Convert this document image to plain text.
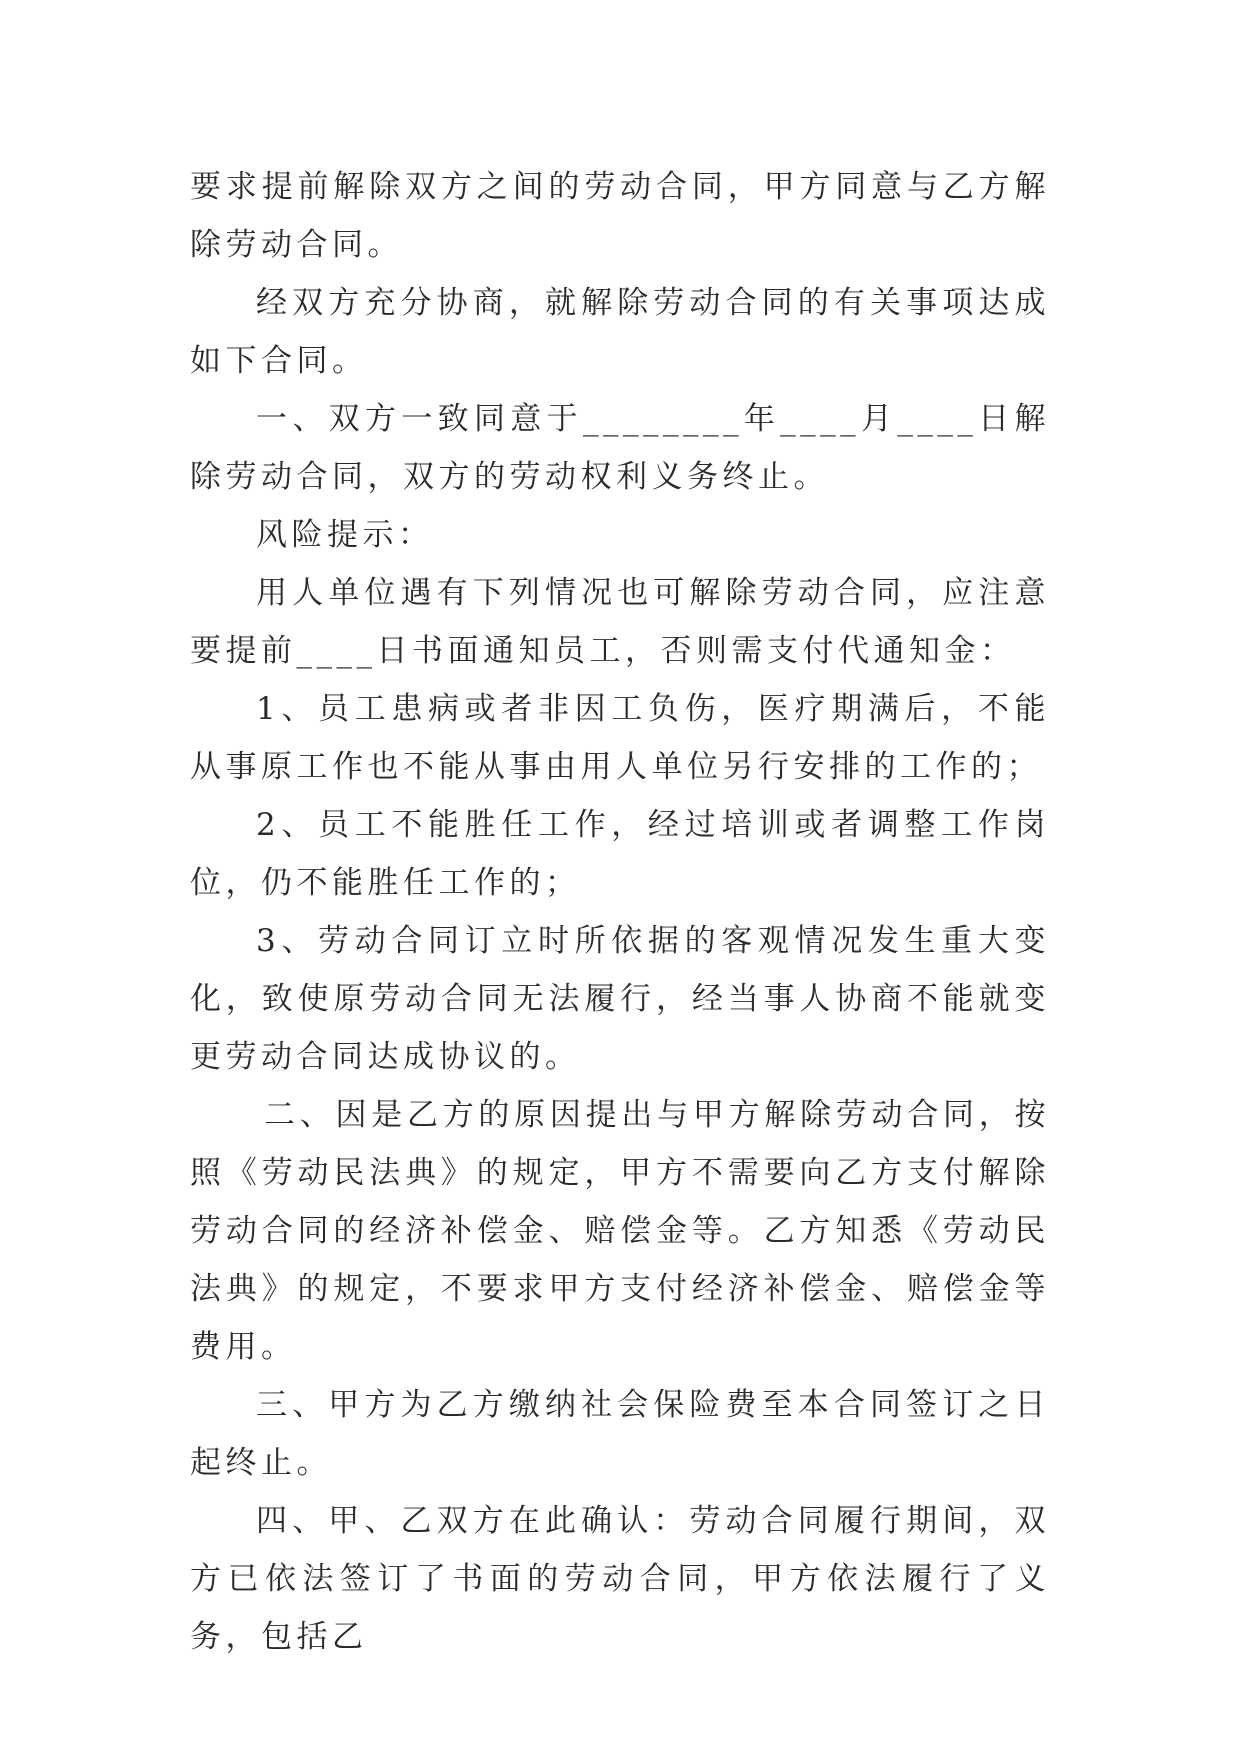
要求提前解除双方之间的劳动合同，甲方同意与乙方解除劳动合同。

经双方充分协商，就解除劳动合同的有关事项达成如下合同。

一、双方一致同意于________年____月____日解除劳动合同，双方的劳动权利义务终止。

风险提示：

用人单位遇有下列情况也可解除劳动合同，应注意要提前____日书面通知员工，否则需支付代通知金：

1、员工患病或者非因工负伤，医疗期满后，不能从事原工作也不能从事由用人单位另行安排的工作的；

2、员工不能胜任工作，经过培训或者调整工作岗位，仍不能胜任工作的；

3、劳动合同订立时所依据的客观情况发生重大变化，致使原劳动合同无法履行，经当事人协商不能就变更劳动合同达成协议的。

二、因是乙方的原因提出与甲方解除劳动合同，按照《劳动民法典》的规定，甲方不需要向乙方支付解除劳动合同的经济补偿金、赔偿金等。乙方知悉《劳动民法典》的规定，不要求甲方支付经济补偿金、赔偿金等费用。

三、甲方为乙方缴纳社会保险费至本合同签订之日起终止。

四、甲、乙双方在此确认：劳动合同履行期间，双方已依法签订了书面的劳动合同，甲方依法履行了义务，包括乙
